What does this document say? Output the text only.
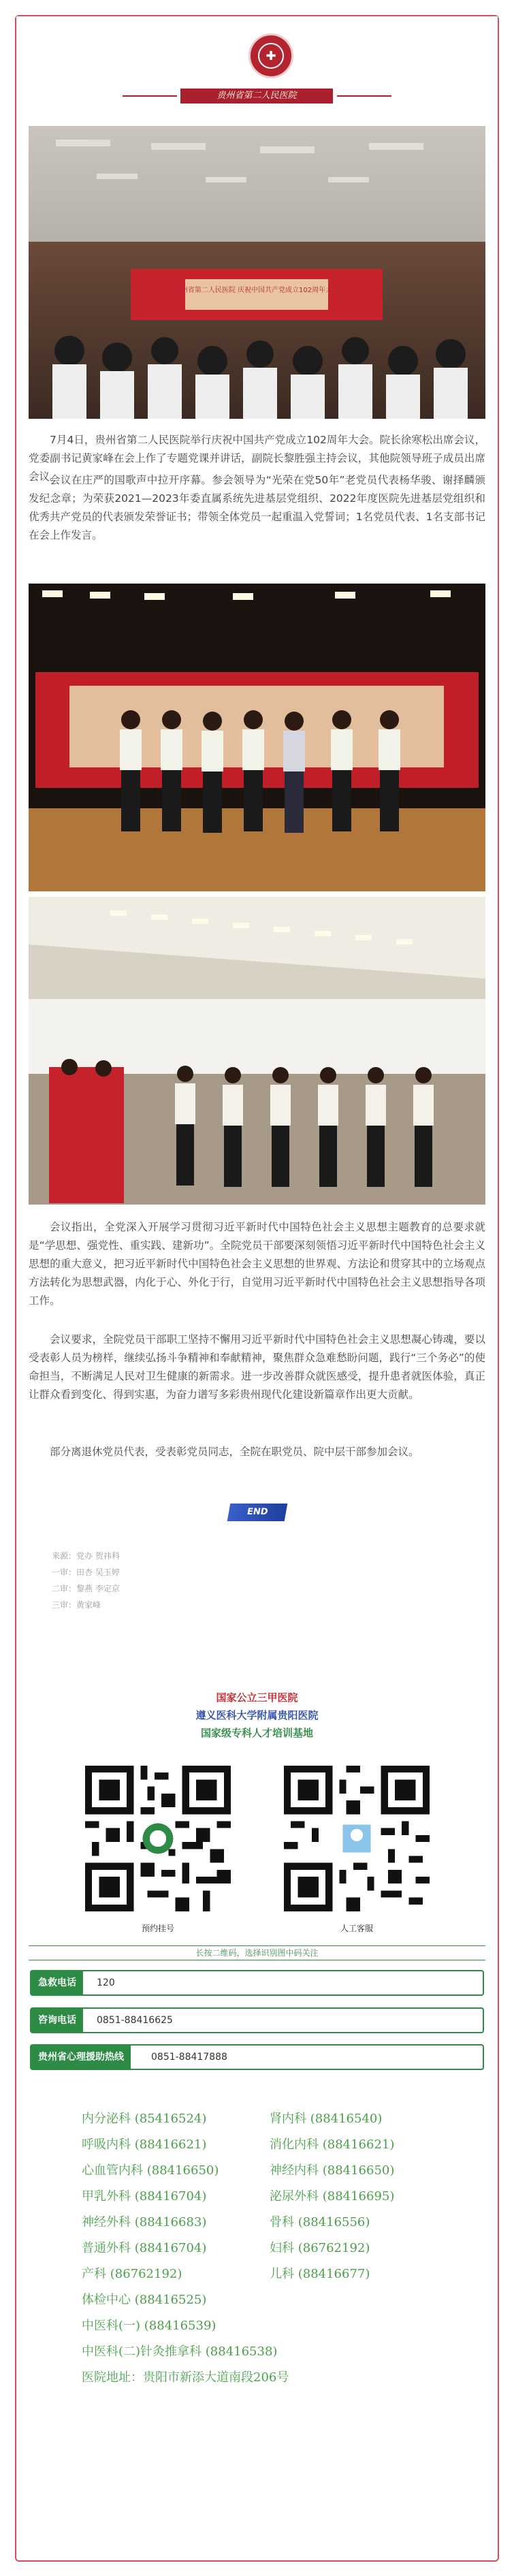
✚
贵州省第二人民医院
贵州省第二人民医院 庆祝中国共产党成立102周年大会

7月4日，贵州省第二人民医院举行庆祝中国共产党成立102周年大会。院长徐寒松出席会议，党委副书记黄家峰在会上作了专题党课并讲话，副院长黎胜强主持会议，其他院领导班子成员出席会议。

会议在庄严的国歌声中拉开序幕。参会领导为“光荣在党50年”老党员代表杨华骏、谢择麟颁发纪念章；为荣获2021—2023年委直属系统先进基层党组织、2022年度医院先进基层党组织和优秀共产党员的代表颁发荣誉证书；带领全体党员一起重温入党誓词；1名党员代表、1名支部书记在会上作发言。

会议指出，全党深入开展学习贯彻习近平新时代中国特色社会主义思想主题教育的总要求就是“学思想、强党性、重实践、建新功”。全院党员干部要深刻领悟习近平新时代中国特色社会主义思想的重大意义，把习近平新时代中国特色社会主义思想的世界观、方法论和贯穿其中的立场观点方法转化为思想武器，内化于心、外化于行，自觉用习近平新时代中国特色社会主义思想指导各项工作。

会议要求，全院党员干部职工坚持不懈用习近平新时代中国特色社会主义思想凝心铸魂，要以受表彰人员为榜样，继续弘扬斗争精神和奉献精神，聚焦群众急难愁盼问题，践行“三个务必”的使命担当，不断满足人民对卫生健康的新需求。进一步改善群众就医感受，提升患者就医体验，真正让群众看到变化、得到实惠，为奋力谱写多彩贵州现代化建设新篇章作出更大贡献。

部分离退休党员代表，受表彰党员同志，全院在职党员、院中层干部参加会议。

END
来源：党办 贺祎科
一审：田杏 吴玉婷
二审：黎燕 李定京
三审：黄家峰
国家公立三甲医院
遵义医科大学附属贵阳医院
国家级专科人才培训基地
预约挂号	人工客服
长按二维码，选择识别图中码关注
急救电话	120
咨询电话	0851-88416625
贵州省心理援助热线	0851-88417888
内分泌科 (85416524)	肾内科 (88416540)
呼吸内科 (88416621)	消化内科 (88416621)
心血管内科 (88416650)	神经内科 (88416650)
甲乳外科 (88416704)	泌尿外科 (88416695)
神经外科 (88416683)	骨科 (88416556)
普通外科 (88416704)	妇科 (86762192)
产科 (86762192)	儿科 (88416677)
体检中心 (88416525)
中医科(一) (88416539)
中医科(二)针灸推拿科 (88416538)
医院地址：贵阳市新添大道南段206号
